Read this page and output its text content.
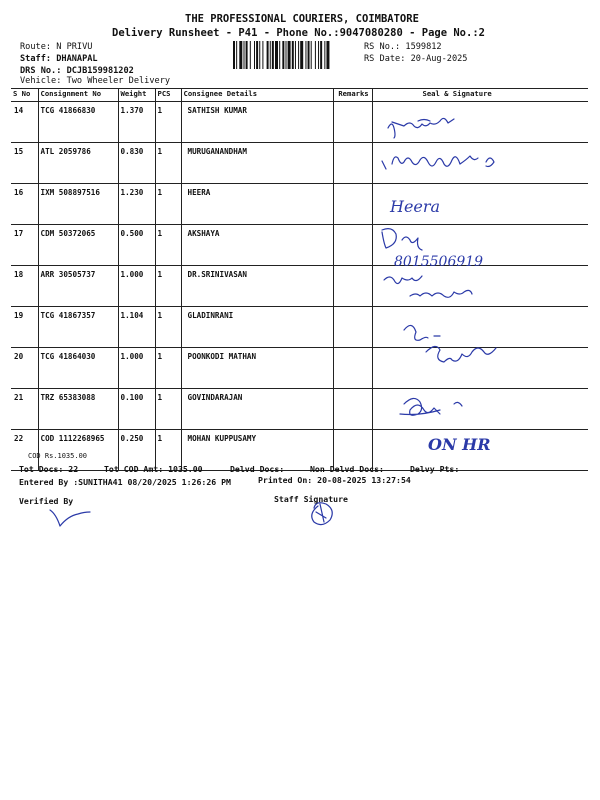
THE PROFESSIONAL COURIERS, COIMBATORE
Delivery Runsheet - P41 - Phone No.:9047080280 - Page No.:2
Route: N PRIVU
Staff: DHANAPAL
DRS No.: DCJB159981202
Vehicle: Two Wheeler Delivery
RS No.: 1599812
RS Date: 20-Aug-2025
S No	Consignment No	Weight	PCS	Consignee Details	Remarks	Seal & Signature
14	TCG 41866830	1.370	1	SATHISH KUMAR		
15	ATL 2059786	0.830	1	MURUGANANDHAM		
16	IXM 508897516	1.230	1	HEERA		
17	CDM 50372065	0.500	1	AKSHAYA		
18	ARR 30505737	1.000	1	DR.SRINIVASAN		
19	TCG 41867357	1.104	1	GLADINRANI		
20	TCG 41864030	1.000	1	POONKODI MATHAN		
21	TRZ 65383088	0.100	1	GOVINDARAJAN		
22	COD 1112268965	0.250	1	MOHAN KUPPUSAMY		
COD Rs.1035.00
Heera
8015506919
ON HR
Tot Docs: 22	Tot COD Amt: 1035.00	Delvd Docs:	Non Delvd Docs:	Delvy Pts:
Entered By :SUNITHA41 08/20/2025 1:26:26 PM	Printed On: 20-08-2025 13:27:54
Verified By	Staff Signature
